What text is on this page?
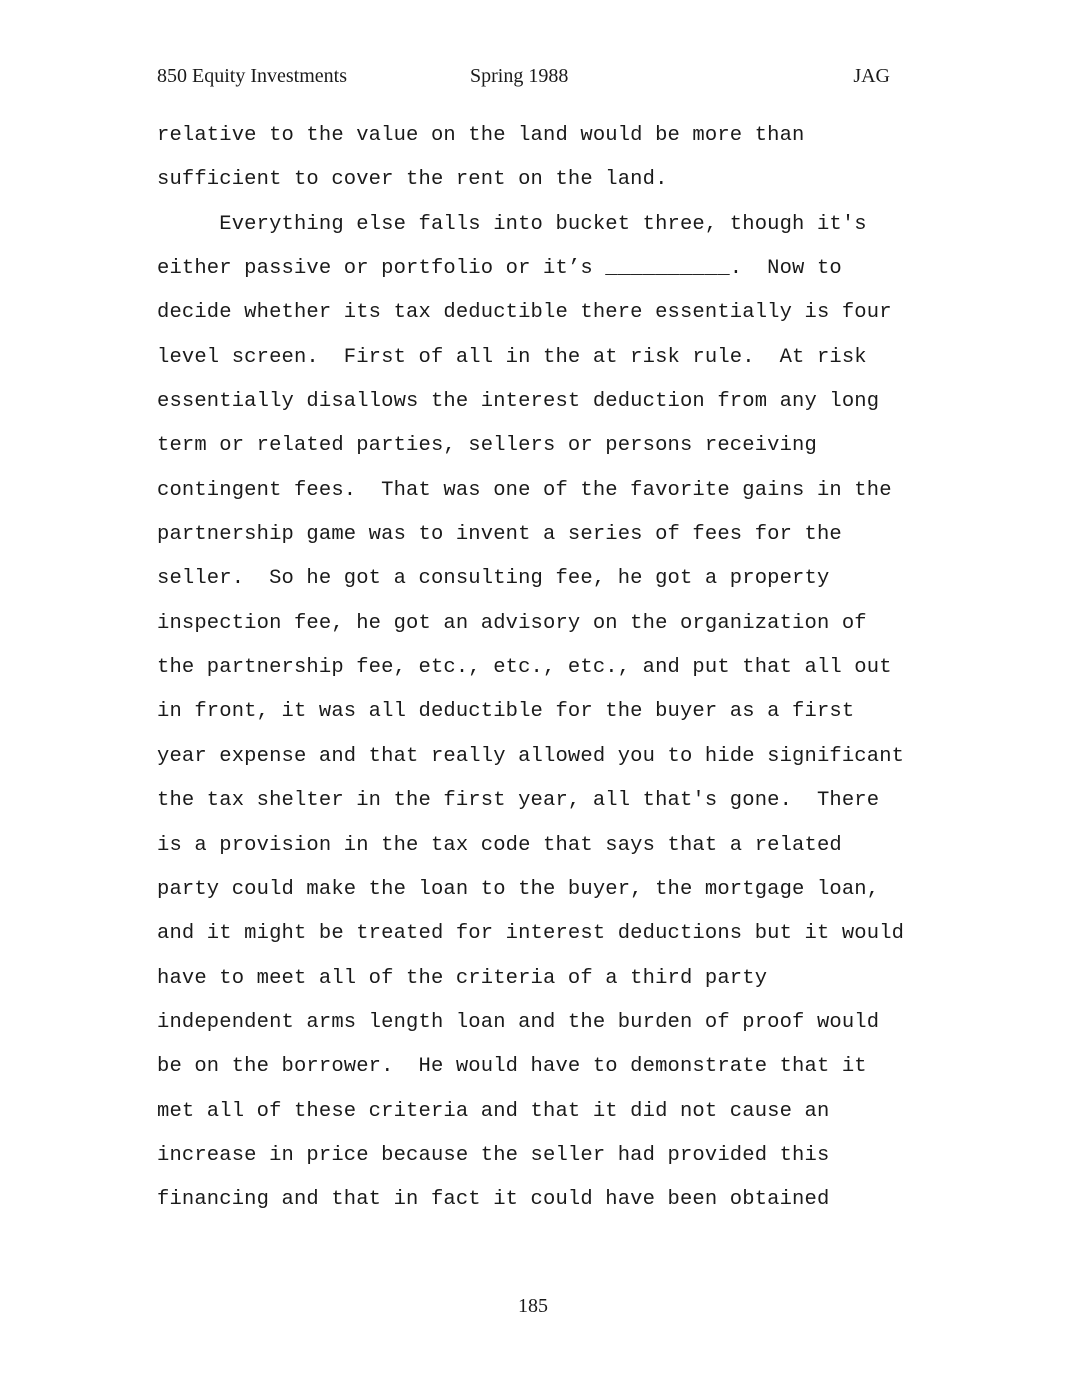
850 Equity Investments	Spring 1988	JAG
relative to the value on the land would be more than
sufficient to cover the rent on the land.
Everything else falls into bucket three, though it's
either passive or portfolio or it’s __________.  Now to
decide whether its tax deductible there essentially is four
level screen.  First of all in the at risk rule.  At risk
essentially disallows the interest deduction from any long
term or related parties, sellers or persons receiving
contingent fees.  That was one of the favorite gains in the
partnership game was to invent a series of fees for the
seller.  So he got a consulting fee, he got a property
inspection fee, he got an advisory on the organization of
the partnership fee, etc., etc., etc., and put that all out
in front, it was all deductible for the buyer as a first
year expense and that really allowed you to hide significant
the tax shelter in the first year, all that's gone.  There
is a provision in the tax code that says that a related
party could make the loan to the buyer, the mortgage loan,
and it might be treated for interest deductions but it would
have to meet all of the criteria of a third party
independent arms length loan and the burden of proof would
be on the borrower.  He would have to demonstrate that it
met all of these criteria and that it did not cause an
increase in price because the seller had provided this
financing and that in fact it could have been obtained
185
